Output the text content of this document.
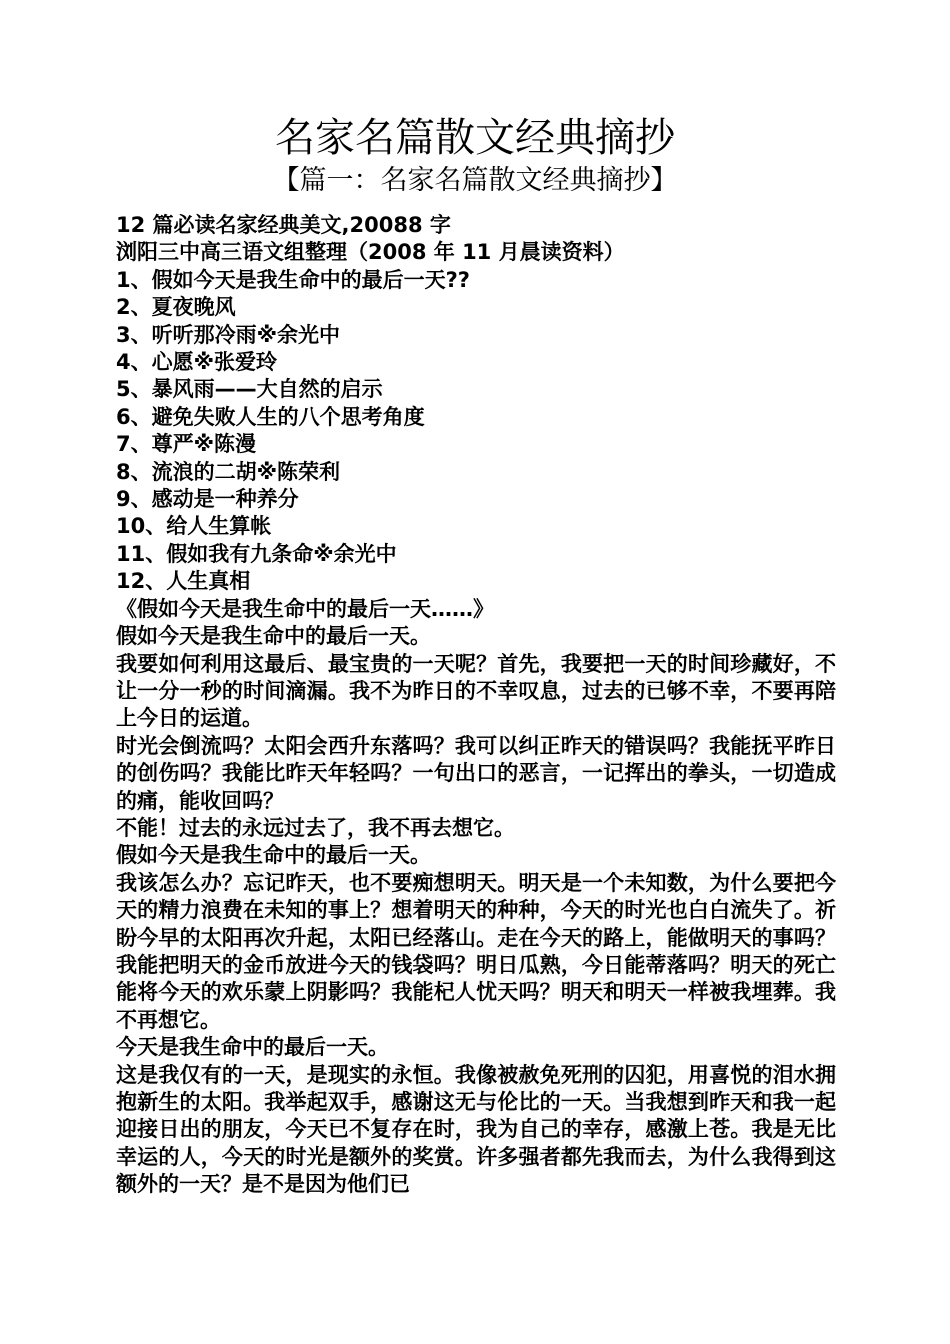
名家名篇散文经典摘抄
【篇一：名家名篇散文经典摘抄】

12 篇必读名家经典美文,20088 字

浏阳三中高三语文组整理（2008 年 11 月晨读资料）

1、假如今天是我生命中的最后一天??

2、夏夜晚风

3、听听那冷雨※余光中

4、心愿※张爱玲

5、暴风雨——大自然的启示

6、避免失败人生的八个思考角度

7、尊严※陈漫

8、流浪的二胡※陈荣利

9、感动是一种养分

10、给人生算帐

11、假如我有九条命※余光中

12、人生真相

《假如今天是我生命中的最后一天……》

假如今天是我生命中的最后一天。

我要如何利用这最后、最宝贵的一天呢？首先，我要把一天的时间珍藏好，不让一分一秒的时间滴漏。我不为昨日的不幸叹息，过去的已够不幸，不要再陪上今日的运道。

时光会倒流吗？太阳会西升东落吗？我可以纠正昨天的错误吗？我能抚平昨日的创伤吗？我能比昨天年轻吗？一句出口的恶言，一记挥出的拳头，一切造成的痛，能收回吗？

不能！过去的永远过去了，我不再去想它。

假如今天是我生命中的最后一天。

我该怎么办？忘记昨天，也不要痴想明天。明天是一个未知数，为什么要把今天的精力浪费在未知的事上？想着明天的种种，今天的时光也白白流失了。祈盼今早的太阳再次升起，太阳已经落山。走在今天的路上，能做明天的事吗？我能把明天的金币放进今天的钱袋吗？明日瓜熟，今日能蒂落吗？明天的死亡能将今天的欢乐蒙上阴影吗？我能杞人忧天吗？明天和明天一样被我埋葬。我不再想它。

今天是我生命中的最后一天。

这是我仅有的一天，是现实的永恒。我像被赦免死刑的囚犯，用喜悦的泪水拥抱新生的太阳。我举起双手，感谢这无与伦比的一天。当我想到昨天和我一起迎接日出的朋友，今天已不复存在时，我为自己的幸存，感激上苍。我是无比幸运的人，今天的时光是额外的奖赏。许多强者都先我而去，为什么我得到这额外的一天？是不是因为他们已
